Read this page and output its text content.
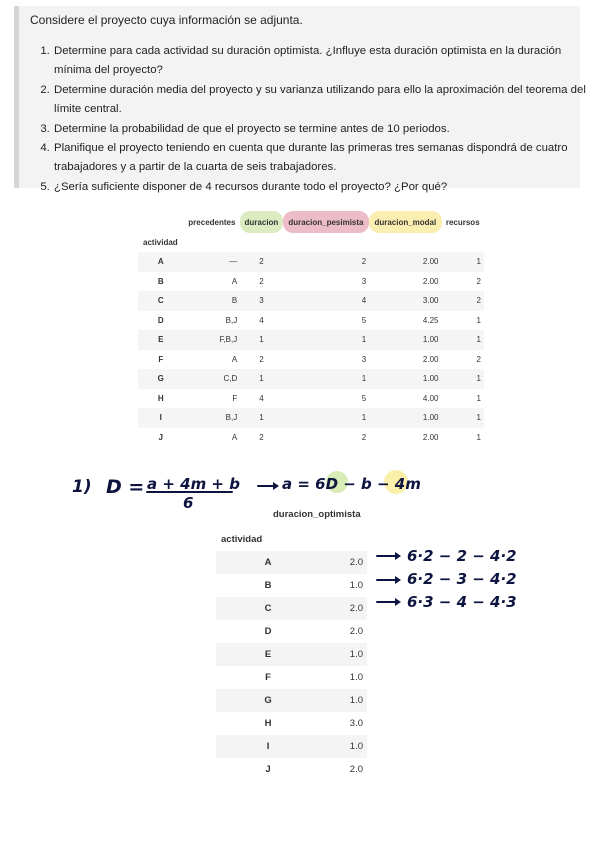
Considere el proyecto cuya información se adjunta.
1. Determine para cada actividad su duración optimista. ¿Influye esta duración optimista en la duración mínima del proyecto?
2. Determine duración media del proyecto y su varianza utilizando para ello la aproximación del teorema del límite central.
3. Determine la probabilidad de que el proyecto se termine antes de 10 periodos.
4. Planifique el proyecto teniendo en cuenta que durante las primeras tres semanas dispondrá de cuatro trabajadores y a partir de la cuarta de seis trabajadores.
5. ¿Sería suficiente disponer de 4 recursos durante todo el proyecto? ¿Por qué?
	precedentes	duracion	duracion_pesimista	duracion_modal	recursos
actividad					
A	—	2	2	2.00	1
B	A	2	3	2.00	2
C	B	3	4	3.00	2
D	B,J	4	5	4.25	1
E	F,B,J	1	1	1.00	1
F	A	2	3	2.00	2
G	C,D	1	1	1.00	1
H	F	4	5	4.00	1
I	B,J	1	1	1.00	1
J	A	2	2	2.00	1
duracion_optimista	
actividad	
A	2.0
B	1.0
C	2.0
D	2.0
E	1.0
F	1.0
G	1.0
H	3.0
I	1.0
J	2.0
1) D = a + 4m + b
6
a = 6D − b − 4m
6·2 − 2 − 4·2
6·2 − 3 − 4·2
6·3 − 4 − 4·3
